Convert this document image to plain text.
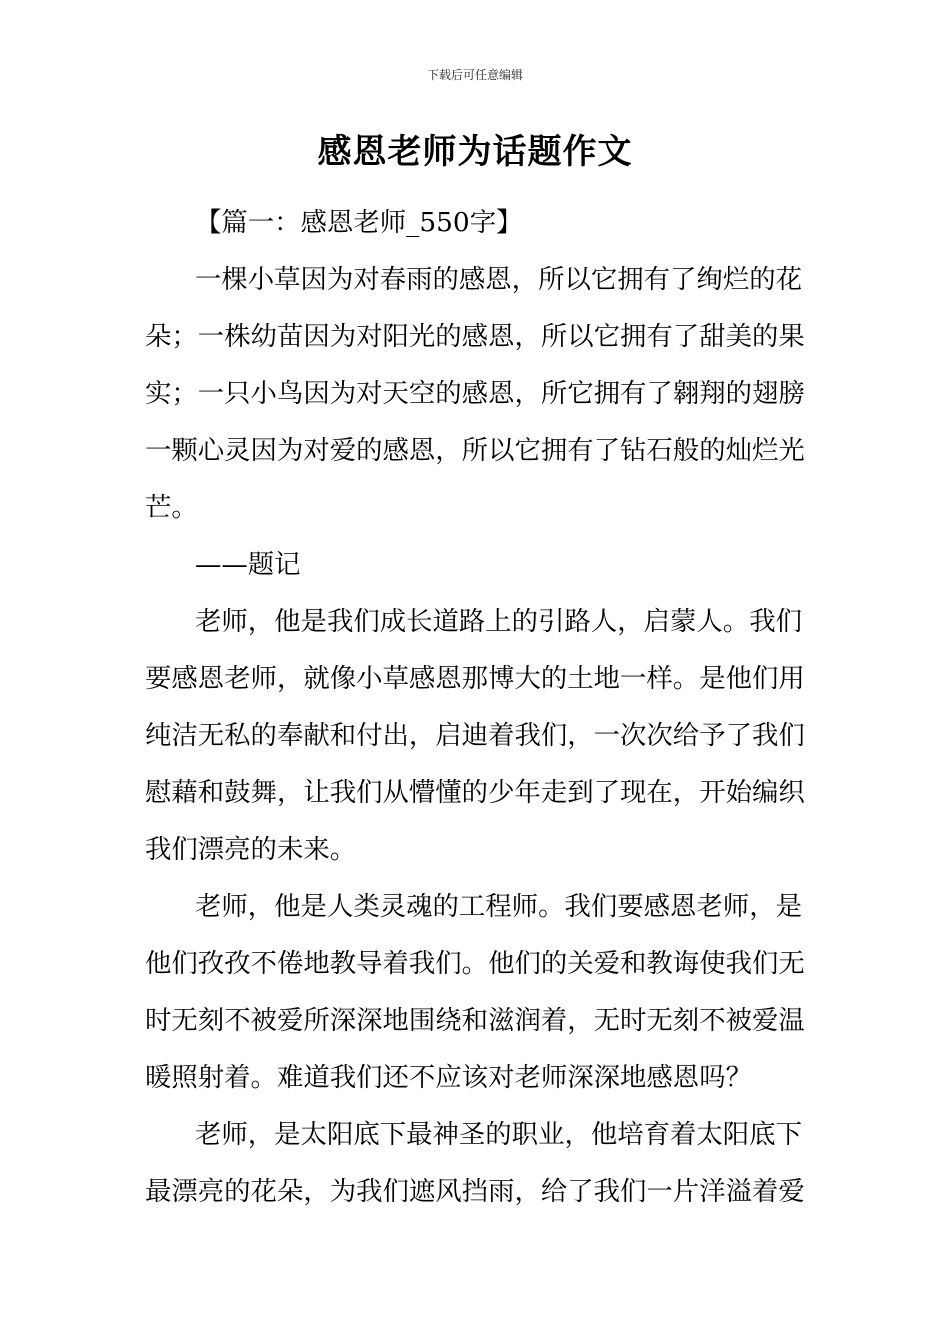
下载后可任意编辑
感恩老师为话题作文
【篇一：感恩老师_550字】
一棵小草因为对春雨的感恩，所以它拥有了绚烂的花
朵；一株幼苗因为对阳光的感恩，所以它拥有了甜美的果
实；一只小鸟因为对天空的感恩，所它拥有了翱翔的翅膀
一颗心灵因为对爱的感恩，所以它拥有了钻石般的灿烂光
芒。
——题记
老师，他是我们成长道路上的引路人，启蒙人。我们
要感恩老师，就像小草感恩那博大的土地一样。是他们用
纯洁无私的奉献和付出，启迪着我们，一次次给予了我们
慰藉和鼓舞，让我们从懵懂的少年走到了现在，开始编织
我们漂亮的未来。
老师，他是人类灵魂的工程师。我们要感恩老师，是
他们孜孜不倦地教导着我们。他们的关爱和教诲使我们无
时无刻不被爱所深深地围绕和滋润着，无时无刻不被爱温
暖照射着。难道我们还不应该对老师深深地感恩吗？
老师，是太阳底下最神圣的职业，他培育着太阳底下
最漂亮的花朵，为我们遮风挡雨，给了我们一片洋溢着爱
